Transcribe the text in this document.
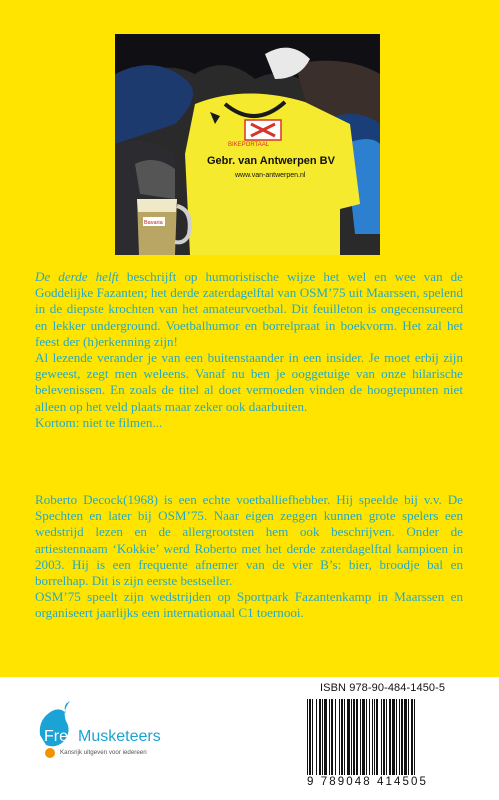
BIKEPORTAAL
Gebr. van Antwerpen BV
www.van-antwerpen.nl
Bavaria

De derde helft beschrijft op humoristische wijze het wel en wee van de Goddelijke Fazanten; het derde zaterdagelftal van OSM’75 uit Maarssen, spelend in de diepste krochten van het amateurvoetbal. Dit feuilleton is ongecensureerd en lekker underground. Voetbalhumor en borrelpraat in boekvorm. Het zal het feest der (h)erkenning zijn!

Al lezende verander je van een buitenstaander in een insider. Je moet erbij zijn geweest, zegt men weleens. Vanaf nu ben je ooggetuige van onze hilarische belevenissen. En zoals de titel al doet vermoeden vinden de hoogtepunten niet alleen op het veld plaats maar zeker ook daarbuiten.

Kortom: niet te filmen...

Roberto Decock(1968) is een echte voetballiefhebber. Hij speelde bij v.v. De Spechten en later bij OSM’75. Naar eigen zeggen kunnen grote spelers een wedstrijd lezen en de allergrootsten hem ook beschrijven. Onder de artiestennaam ‘Kokkie’ werd Roberto met het derde zaterdagelftal kampioen in 2003. Hij is een frequente afnemer van de vier B’s: bier, broodje bal en borrelhap. Dit is zijn eerste bestseller.

OSM’75 speelt zijn wedstrijden op Sportpark Fazantenkamp in Maarssen en organiseert jaarlijks een internationaal C1 toernooi.

Free Musketeers
Kansrijk uitgeven voor iedereen
ISBN 978-90-484-1450-5
9 789048 414505
